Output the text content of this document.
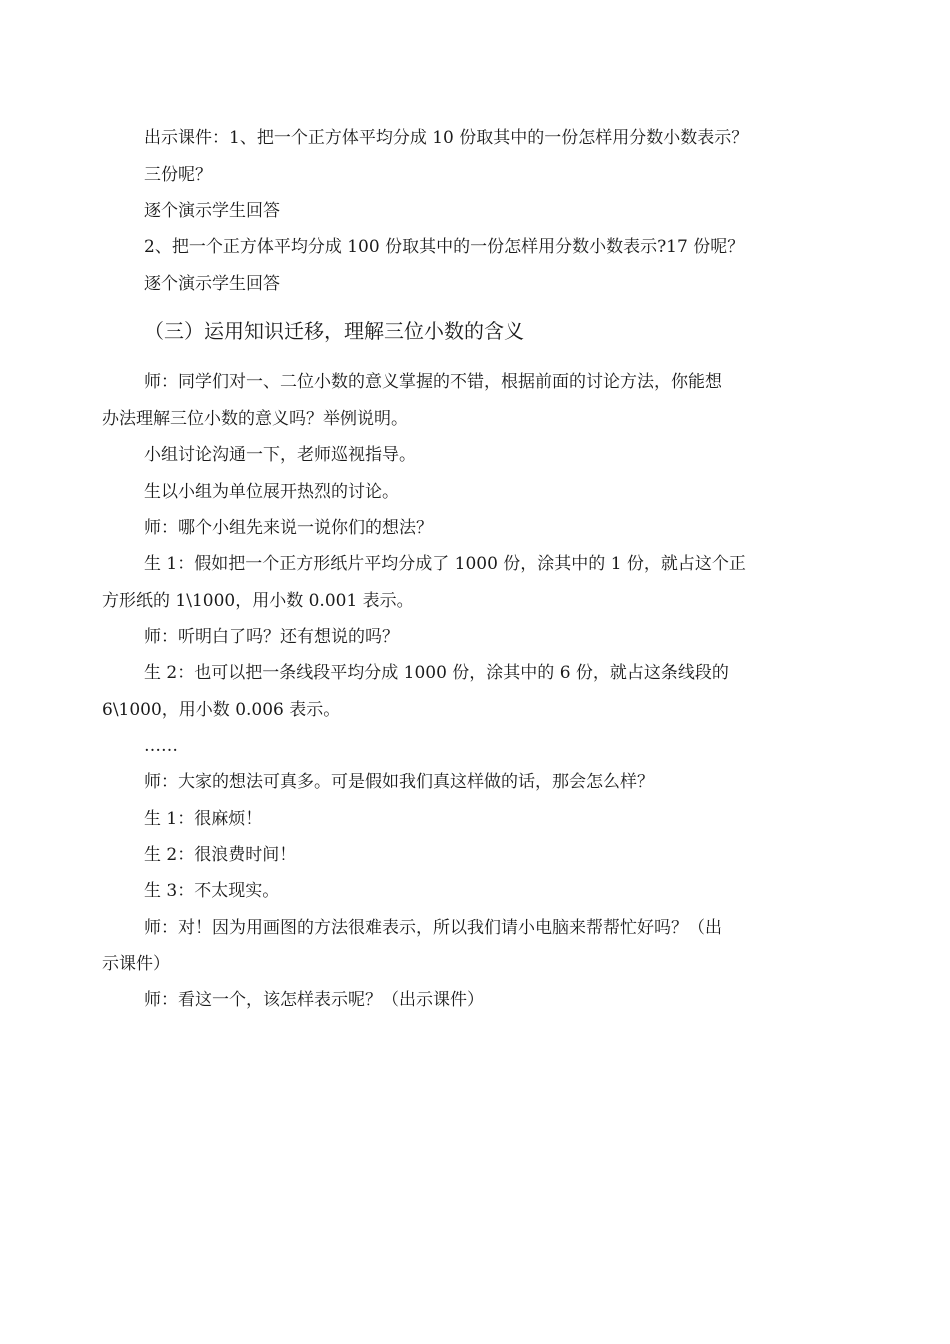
出示课件：1、把一个正方体平均分成 10 份取其中的一份怎样用分数小数表示？
三份呢？
逐个演示学生回答
2、把一个正方体平均分成 100 份取其中的一份怎样用分数小数表示?17 份呢？
逐个演示学生回答
（三）运用知识迁移，理解三位小数的含义
师：同学们对一、二位小数的意义掌握的不错，根据前面的讨论方法，你能想
办法理解三位小数的意义吗？举例说明。
小组讨论沟通一下，老师巡视指导。
生以小组为单位展开热烈的讨论。
师：哪个小组先来说一说你们的想法？
生 1：假如把一个正方形纸片平均分成了 1000 份，涂其中的 1 份，就占这个正
方形纸的 1\1000，用小数 0.001 表示。
师：听明白了吗？还有想说的吗？
生 2：也可以把一条线段平均分成 1000 份，涂其中的 6 份，就占这条线段的
6\1000，用小数 0.006 表示。
……
师：大家的想法可真多。可是假如我们真这样做的话，那会怎么样？
生 1：很麻烦！
生 2：很浪费时间！
生 3：不太现实。
师：对！因为用画图的方法很难表示，所以我们请小电脑来帮帮忙好吗？（出
示课件）
师：看这一个，该怎样表示呢？（出示课件）
